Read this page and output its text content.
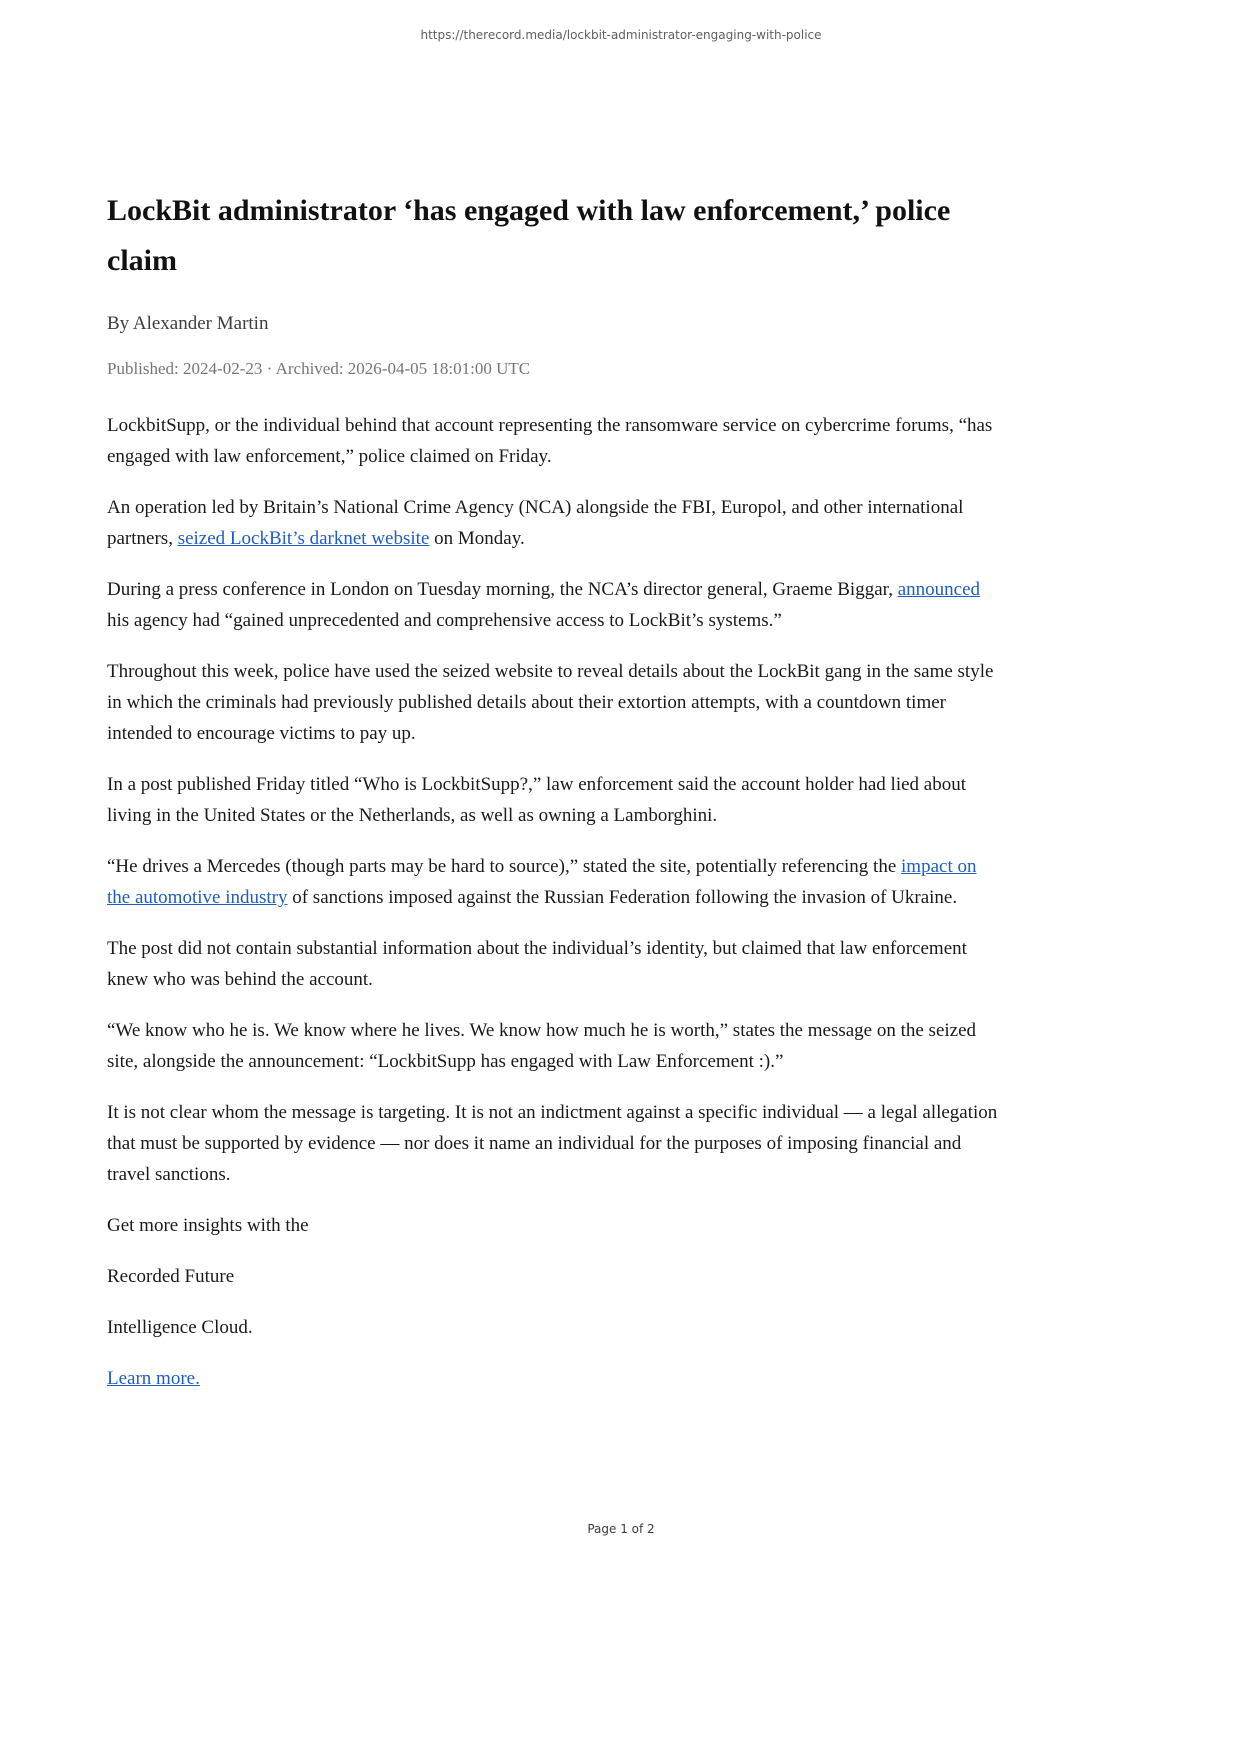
https://therecord.media/lockbit-administrator-engaging-with-police
LockBit administrator ‘has engaged with law enforcement,’ police claim
By Alexander Martin
Published: 2024-02-23 · Archived: 2026-04-05 18:01:00 UTC

LockbitSupp, or the individual behind that account representing the ransomware service on cybercrime forums, “has engaged with law enforcement,” police claimed on Friday.

An operation led by Britain’s National Crime Agency (NCA) alongside the FBI, Europol, and other international partners, seized LockBit’s darknet website on Monday.

During a press conference in London on Tuesday morning, the NCA’s director general, Graeme Biggar, announced his agency had “gained unprecedented and comprehensive access to LockBit’s systems.”

Throughout this week, police have used the seized website to reveal details about the LockBit gang in the same style in which the criminals had previously published details about their extortion attempts, with a countdown timer intended to encourage victims to pay up.

In a post published Friday titled “Who is LockbitSupp?,” law enforcement said the account holder had lied about living in the United States or the Netherlands, as well as owning a Lamborghini.

“He drives a Mercedes (though parts may be hard to source),” stated the site, potentially referencing the impact on the automotive industry of sanctions imposed against the Russian Federation following the invasion of Ukraine.

The post did not contain substantial information about the individual’s identity, but claimed that law enforcement knew who was behind the account.

“We know who he is. We know where he lives. We know how much he is worth,” states the message on the seized site, alongside the announcement: “LockbitSupp has engaged with Law Enforcement :).”

It is not clear whom the message is targeting. It is not an indictment against a specific individual — a legal allegation that must be supported by evidence — nor does it name an individual for the purposes of imposing financial and travel sanctions.

Get more insights with the

Recorded Future

Intelligence Cloud.

Learn more.

Page 1 of 2
